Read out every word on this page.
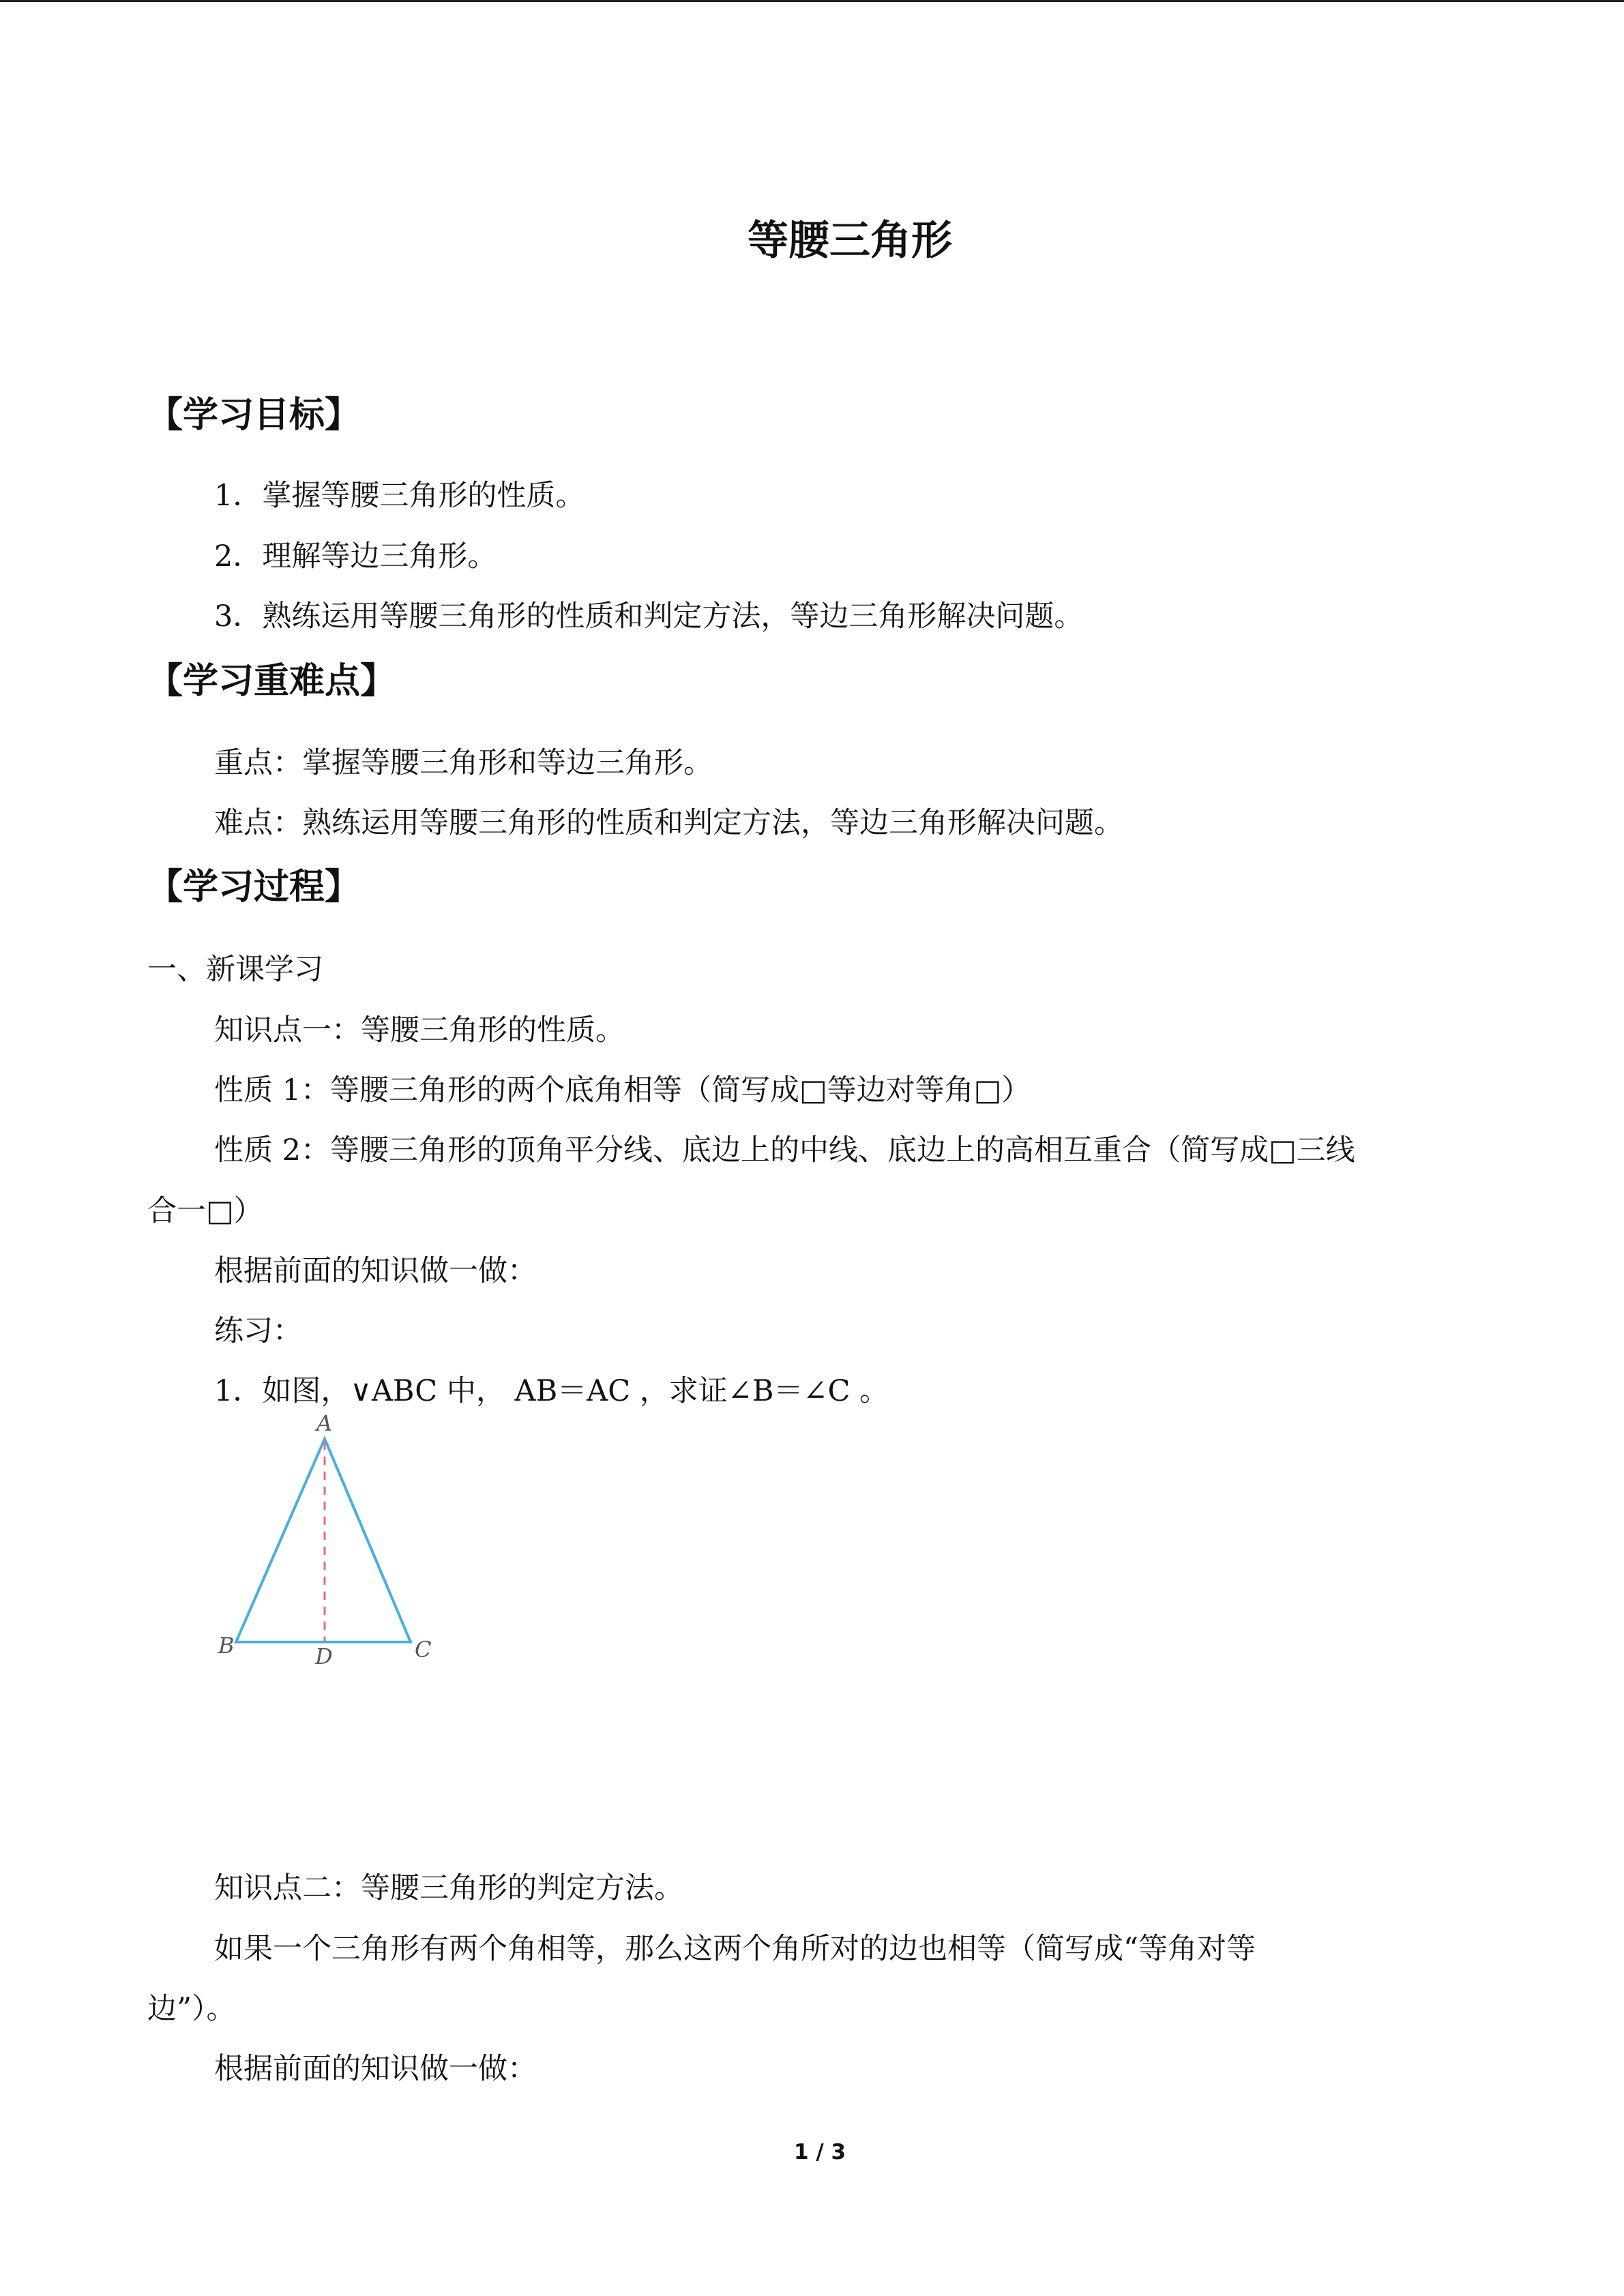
等腰三角形
【学习目标】
1．掌握等腰三角形的性质。
2．理解等边三角形。
3．熟练运用等腰三角形的性质和判定方法，等边三角形解决问题。
【学习重难点】
重点：掌握等腰三角形和等边三角形。
难点：熟练运用等腰三角形的性质和判定方法，等边三角形解决问题。
【学习过程】
一、新课学习
知识点一：等腰三角形的性质。
性质 1：等腰三角形的两个底角相等（简写成□等边对等角□）
性质 2：等腰三角形的顶角平分线、底边上的中线、底边上的高相互重合（简写成□三线
合一□）
根据前面的知识做一做：
练习：
1．如图，∨ABC 中， AB＝AC ，求证∠B＝∠C 。
A
B	D	C
知识点二：等腰三角形的判定方法。
如果一个三角形有两个角相等，那么这两个角所对的边也相等（简写成“等角对等
边”）。
根据前面的知识做一做：
1 / 3
